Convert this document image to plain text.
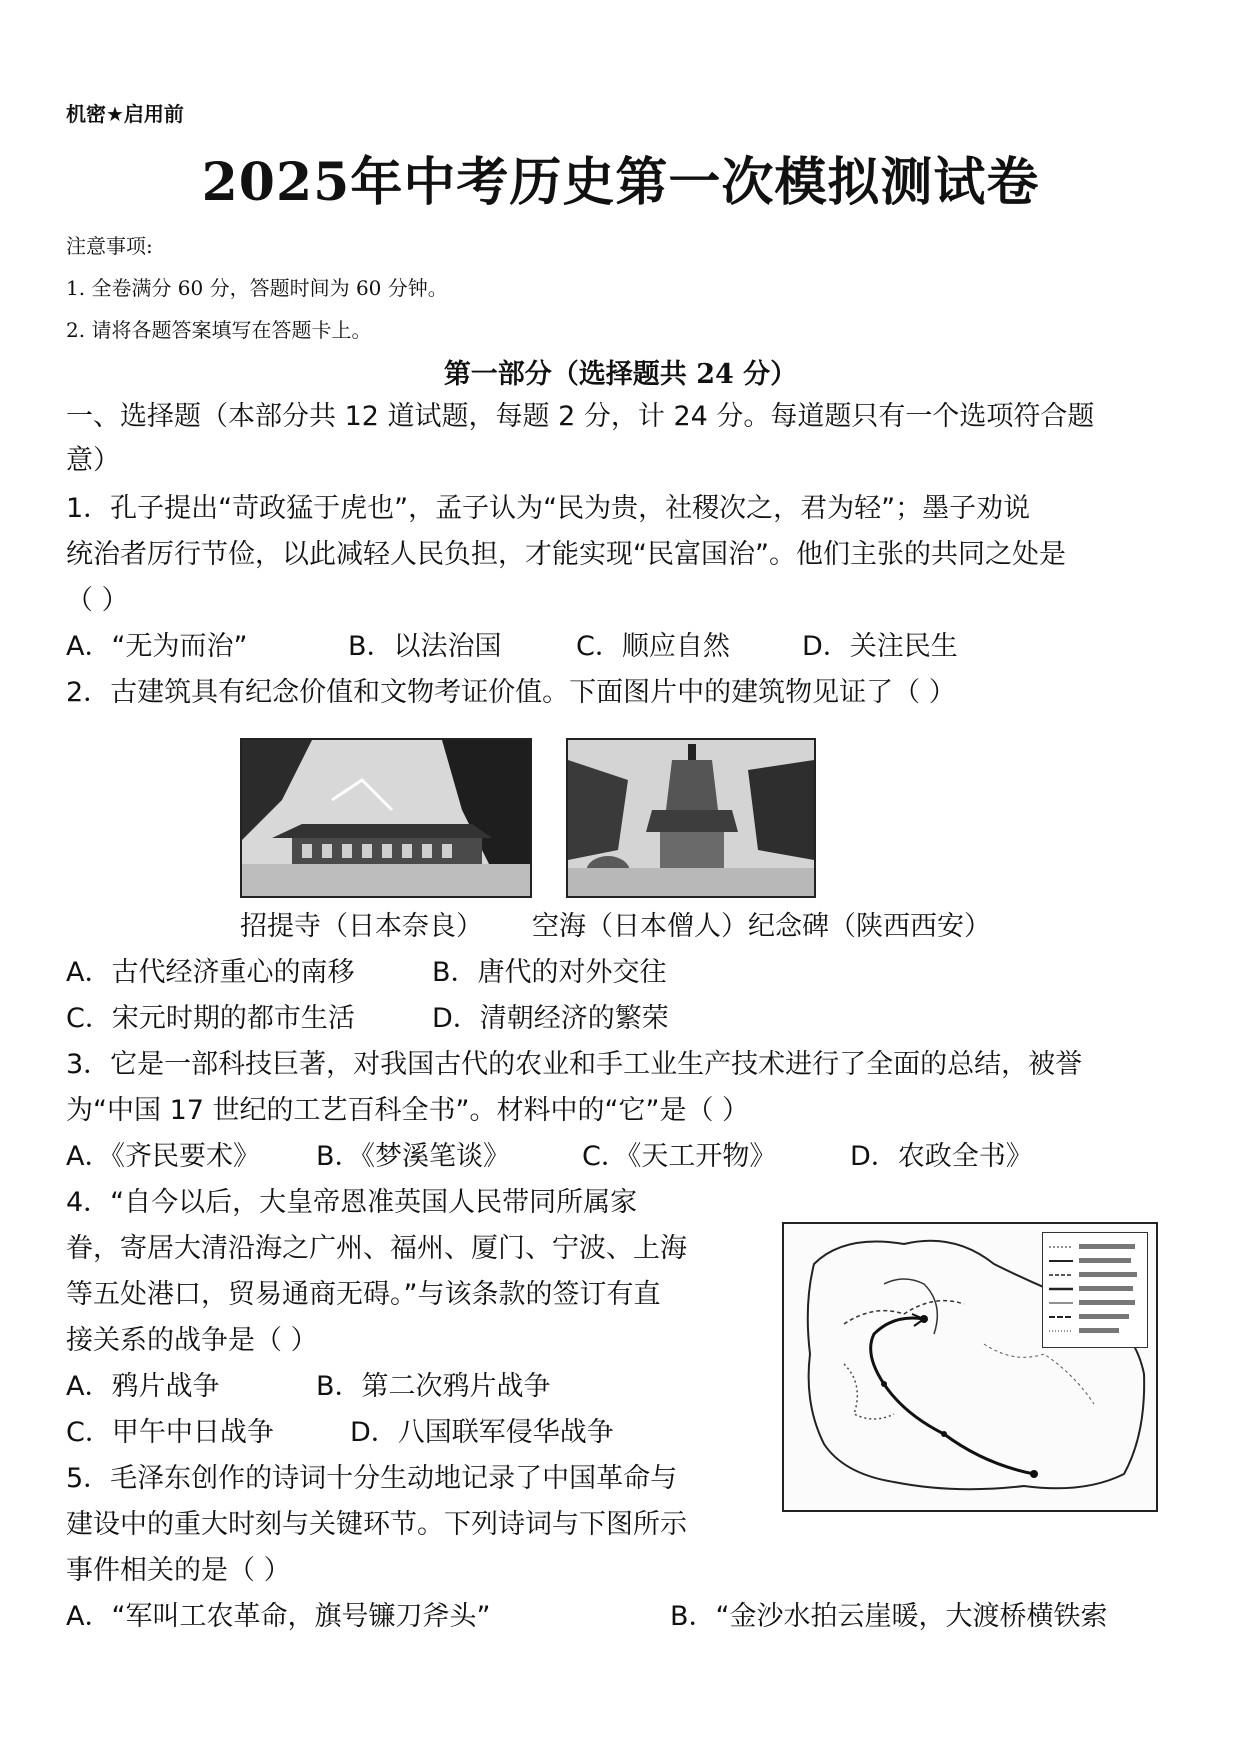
机密★启用前
2025年中考历史第一次模拟测试卷
注意事项:
1. 全卷满分 60 分，答题时间为 60 分钟。
2. 请将各题答案填写在答题卡上。
第一部分（选择题共 24 分）
一、选择题（本部分共 12 道试题，每题 2 分，计 24 分。每道题只有一个选项符合题
意）
1．孔子提出“苛政猛于虎也”，孟子认为“民为贵，社稷次之，君为轻”；墨子劝说
统治者厉行节俭，以此减轻人民负担，才能实现“民富国治”。他们主张的共同之处是
（ ）
A．“无为而治”	B．以法治国	C．顺应自然	D．关注民生
2．古建筑具有纪念价值和文物考证价值。下面图片中的建筑物见证了（ ）
招提寺（日本奈良） 空海（日本僧人）纪念碑（陕西西安）
A．古代经济重心的南移	B．唐代的对外交往
C．宋元时期的都市生活	D．清朝经济的繁荣
3．它是一部科技巨著，对我国古代的农业和手工业生产技术进行了全面的总结，被誉
为“中国 17 世纪的工艺百科全书”。材料中的“它”是（ ）
A．《齐民要术》 B．《梦溪笔谈》	C．《天工开物》	D．农政全书》
4．“自今以后，大皇帝恩准英国人民带同所属家
眷，寄居大清沿海之广州、福州、厦门、宁波、上海
等五处港口，贸易通商无碍。”与该条款的签订有直
接关系的战争是（ ）
A．鸦片战争	B．第二次鸦片战争
C．甲午中日战争	D．八国联军侵华战争
5．毛泽东创作的诗词十分生动地记录了中国革命与
建设中的重大时刻与关键环节。下列诗词与下图所示
事件相关的是（ ）
A．“军叫工农革命，旗号镰刀斧头”	B．“金沙水拍云崖暖，大渡桥横铁索
